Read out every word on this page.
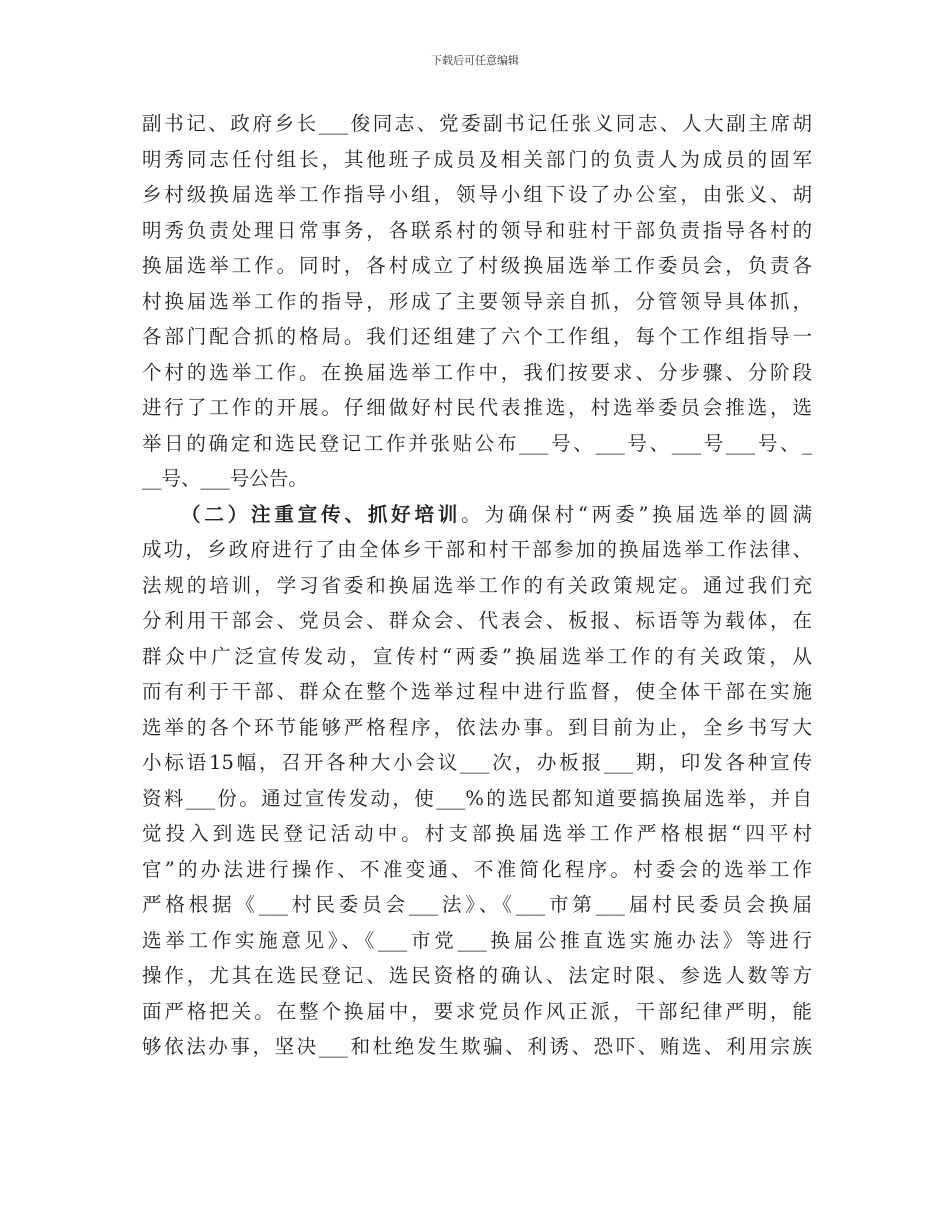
下载后可任意编辑
副书记、政府乡长___俊同志、党委副书记任张义同志、人大副主席胡
明秀同志任付组长，其他班子成员及相关部门的负责人为成员的固军
乡村级换届选举工作指导小组，领导小组下设了办公室，由张义、胡
明秀负责处理日常事务，各联系村的领导和驻村干部负责指导各村的
换届选举工作。同时，各村成立了村级换届选举工作委员会，负责各
村换届选举工作的指导，形成了主要领导亲自抓，分管领导具体抓，
各部门配合抓的格局。我们还组建了六个工作组，每个工作组指导一
个村的选举工作。在换届选举工作中，我们按要求、分步骤、分阶段
进行了工作的开展。仔细做好村民代表推选，村选举委员会推选，选
举日的确定和选民登记工作并张贴公布___号、___号、___号___号、_
__号、___号公告。
（二）注重宣传、抓好培训。为确保村“两委”换届选举的圆满
成功，乡政府进行了由全体乡干部和村干部参加的换届选举工作法律、
法规的培训，学习省委和换届选举工作的有关政策规定。通过我们充
分利用干部会、党员会、群众会、代表会、板报、标语等为载体，在
群众中广泛宣传发动，宣传村“两委”换届选举工作的有关政策，从
而有利于干部、群众在整个选举过程中进行监督，使全体干部在实施
选举的各个环节能够严格程序，依法办事。到目前为止，全乡书写大
小标语15幅，召开各种大小会议___次，办板报___期，印发各种宣传
资料___份。通过宣传发动，使___%的选民都知道要搞换届选举，并自
觉投入到选民登记活动中。村支部换届选举工作严格根据“四平村
官”的办法进行操作、不准变通、不准简化程序。村委会的选举工作
严格根据《___村民委员会___法》、《___市第___届村民委员会换届
选举工作实施意见》、《___市党___换届公推直选实施办法》等进行
操作，尤其在选民登记、选民资格的确认、法定时限、参选人数等方
面严格把关。在整个换届中，要求党员作风正派，干部纪律严明，能
够依法办事，坚决___和杜绝发生欺骗、利诱、恐吓、贿选、利用宗族
